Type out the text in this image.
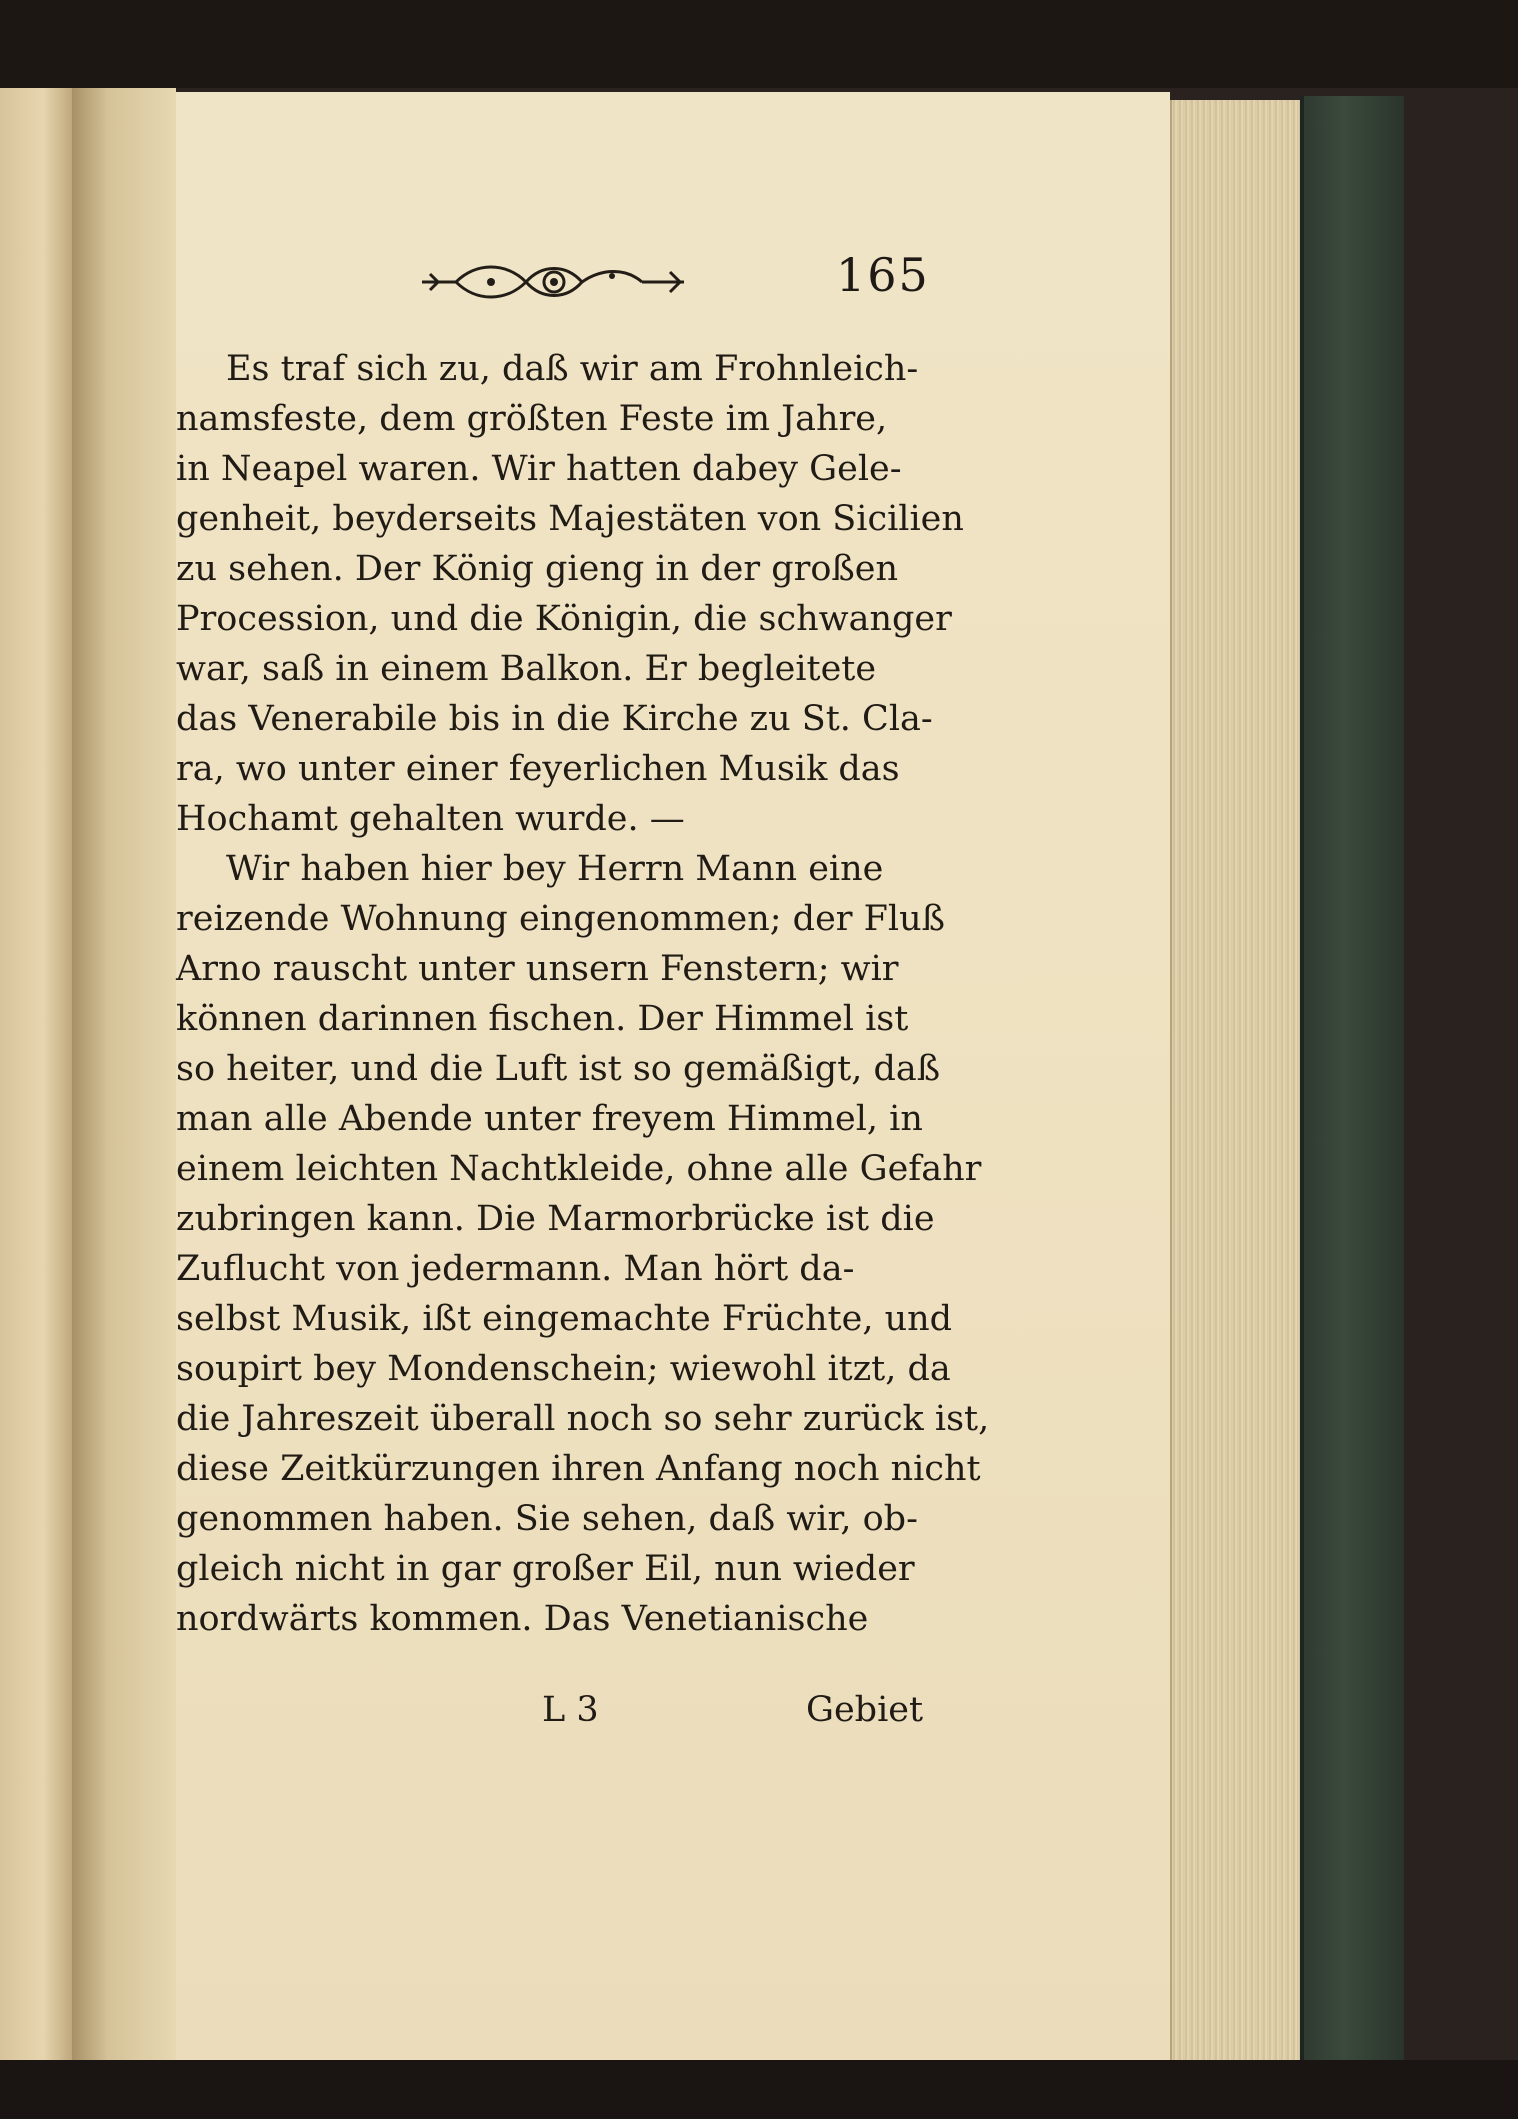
165
Es traf sich zu, daß wir am Frohnleich-
namsfeste, dem größten Feste im Jahre,
in Neapel waren. Wir hatten dabey Gele-
genheit, beyderseits Majestäten von Sicilien
zu sehen. Der König gieng in der großen
Procession, und die Königin, die schwanger
war, saß in einem Balkon. Er begleitete
das Venerabile bis in die Kirche zu St. Cla-
ra, wo unter einer feyerlichen Musik das
Hochamt gehalten wurde. —
Wir haben hier bey Herrn Mann eine
reizende Wohnung eingenommen; der Fluß
Arno rauscht unter unsern Fenstern; wir
können darinnen fischen. Der Himmel ist
so heiter, und die Luft ist so gemäßigt, daß
man alle Abende unter freyem Himmel, in
einem leichten Nachtkleide, ohne alle Gefahr
zubringen kann. Die Marmorbrücke ist die
Zuflucht von jedermann. Man hört da-
selbst Musik, ißt eingemachte Früchte, und
soupirt bey Mondenschein; wiewohl itzt, da
die Jahreszeit überall noch so sehr zurück ist,
diese Zeitkürzungen ihren Anfang noch nicht
genommen haben. Sie sehen, daß wir, ob-
gleich nicht in gar großer Eil, nun wieder
nordwärts kommen. Das Venetianische
L 3	Gebiet
